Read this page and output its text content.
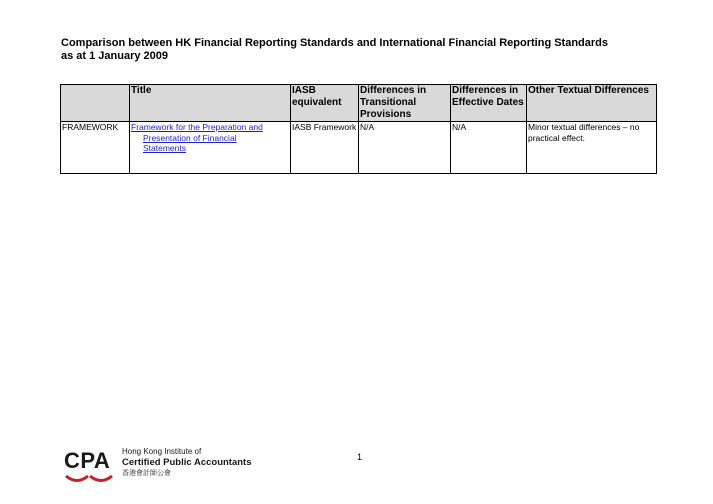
Comparison between HK Financial Reporting Standards and International Financial Reporting Standards
as at 1 January 2009
	Title	IASB equivalent	Differences in Transitional Provisions	Differences in Effective Dates	Other Textual Differences
FRAMEWORK	Framework for the Preparation and
Presentation of Financial
Statements	IASB Framework	N/A	N/A	Minor textual differences – no practical effect.
1
CPA Hong Kong Institute of
Certified Public Accountants
香港會計師公會
